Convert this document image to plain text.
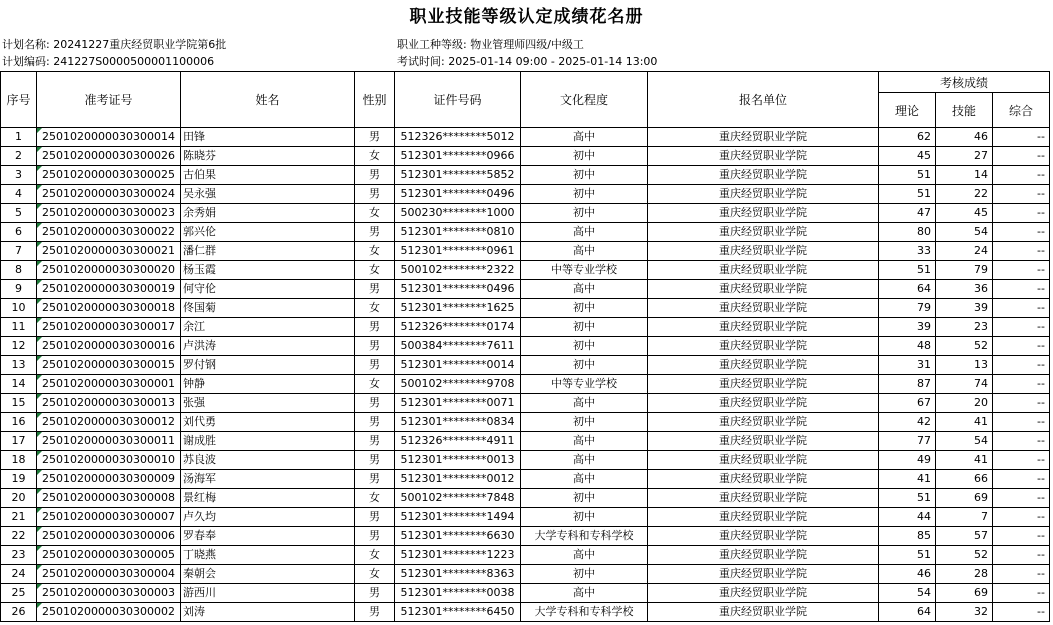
职业技能等级认定成绩花名册
计划名称: 20241227重庆经贸职业学院第6批	职业工种等级: 物业管理师四级/中级工
计划编码: 241227S0000500001100006	考试时间: 2025-01-14 09:00 - 2025-01-14 13:00
序号	准考证号	姓名	性别	证件号码	文化程度	报名单位	考核成绩		
							理论	技能	综合
1	2501020000030300014	田锋	男	512326********5012	高中	重庆经贸职业学院	62	46	--
2	2501020000030300026	陈晓芬	女	512301********0966	初中	重庆经贸职业学院	45	27	--
3	2501020000030300025	古伯果	男	512301********5852	初中	重庆经贸职业学院	51	14	--
4	2501020000030300024	吴永强	男	512301********0496	初中	重庆经贸职业学院	51	22	--
5	2501020000030300023	余秀娟	女	500230********1000	初中	重庆经贸职业学院	47	45	--
6	2501020000030300022	郭兴伦	男	512301********0810	高中	重庆经贸职业学院	80	54	--
7	2501020000030300021	潘仁群	女	512301********0961	高中	重庆经贸职业学院	33	24	--
8	2501020000030300020	杨玉霞	女	500102********2322	中等专业学校	重庆经贸职业学院	51	79	--
9	2501020000030300019	何守伦	男	512301********0496	高中	重庆经贸职业学院	64	36	--
10	2501020000030300018	佟国菊	女	512301********1625	初中	重庆经贸职业学院	79	39	--
11	2501020000030300017	余江	男	512326********0174	初中	重庆经贸职业学院	39	23	--
12	2501020000030300016	卢洪涛	男	500384********7611	初中	重庆经贸职业学院	48	52	--
13	2501020000030300015	罗付钢	男	512301********0014	初中	重庆经贸职业学院	31	13	--
14	2501020000030300001	钟静	女	500102********9708	中等专业学校	重庆经贸职业学院	87	74	--
15	2501020000030300013	张强	男	512301********0071	高中	重庆经贸职业学院	67	20	--
16	2501020000030300012	刘代勇	男	512301********0834	初中	重庆经贸职业学院	42	41	--
17	2501020000030300011	谢成胜	男	512326********4911	高中	重庆经贸职业学院	77	54	--
18	2501020000030300010	苏良波	男	512301********0013	高中	重庆经贸职业学院	49	41	--
19	2501020000030300009	汤海军	男	512301********0012	高中	重庆经贸职业学院	41	66	--
20	2501020000030300008	景红梅	女	500102********7848	初中	重庆经贸职业学院	51	69	--
21	2501020000030300007	卢久均	男	512301********1494	初中	重庆经贸职业学院	44	7	--
22	2501020000030300006	罗春奉	男	512301********6630	大学专科和专科学校	重庆经贸职业学院	85	57	--
23	2501020000030300005	丁晓燕	女	512301********1223	高中	重庆经贸职业学院	51	52	--
24	2501020000030300004	秦朝会	女	512301********8363	初中	重庆经贸职业学院	46	28	--
25	2501020000030300003	游西川	男	512301********0038	高中	重庆经贸职业学院	54	69	--
26	2501020000030300002	刘涛	男	512301********6450	大学专科和专科学校	重庆经贸职业学院	64	32	--
